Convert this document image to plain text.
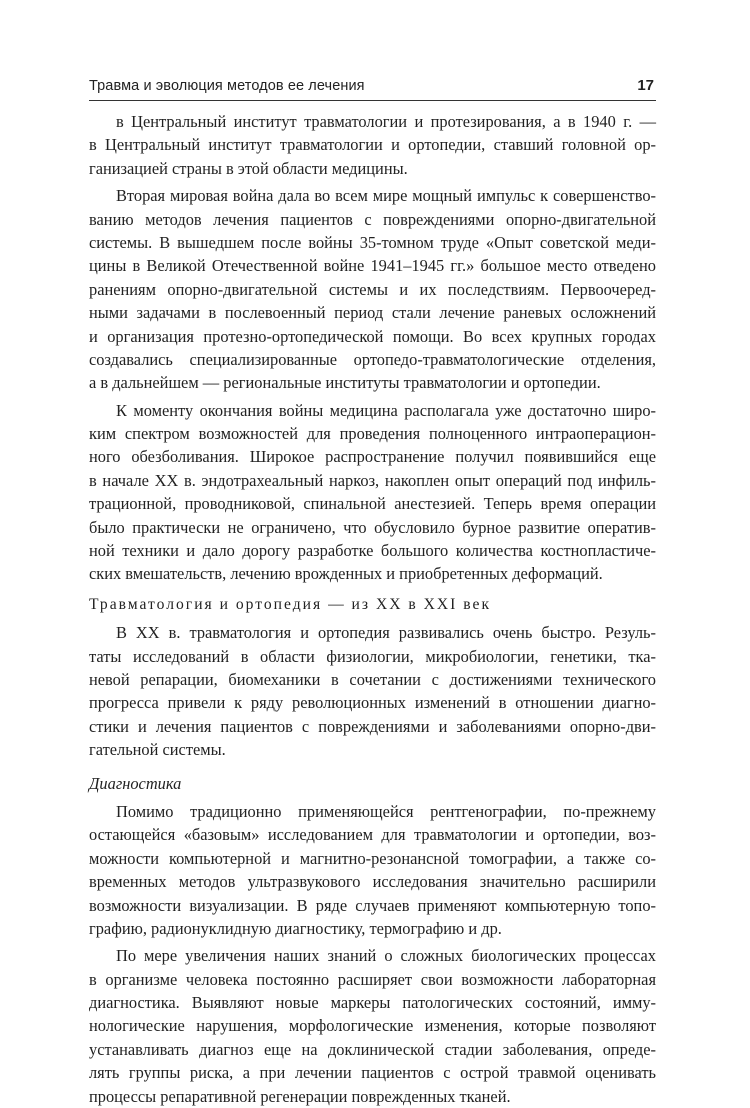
Травма и эволюция методов ее лечения	17
в Центральный институт травматологии и протезирования, а в 1940 г. —
в Центральный институт травматологии и ортопедии, ставший головной ор-
ганизацией страны в этой области медицины.
Вторая мировая война дала во всем мире мощный импульс к совершенство-
ванию методов лечения пациентов с повреждениями опорно-двигательной
системы. В вышедшем после войны 35-томном труде «Опыт советской меди-
цины в Великой Отечественной войне 1941–1945 гг.» большое место отведено
ранениям опорно-двигательной системы и их последствиям. Первоочеред-
ными задачами в послевоенный период стали лечение раневых осложнений
и организация протезно-ортопедической помощи. Во всех крупных городах
создавались специализированные ортопедо-травматологические отделения,
а в дальнейшем — региональные институты травматологии и ортопедии.
К моменту окончания войны медицина располагала уже достаточно широ-
ким спектром возможностей для проведения полноценного интраоперацион-
ного обезболивания. Широкое распространение получил появившийся еще
в начале XX в. эндотрахеальный наркоз, накоплен опыт операций под инфиль-
трационной, проводниковой, спинальной анестезией. Теперь время операции
было практически не ограничено, что обусловило бурное развитие оператив-
ной техники и дало дорогу разработке большого количества костнопластиче-
ских вмешательств, лечению врожденных и приобретенных деформаций.
Травматология и ортопедия — из XX в XXI век
В XX в. травматология и ортопедия развивались очень быстро. Резуль-
таты исследований в области физиологии, микробиологии, генетики, тка-
невой репарации, биомеханики в сочетании с достижениями технического
прогресса привели к ряду революционных изменений в отношении диагно-
стики и лечения пациентов с повреждениями и заболеваниями опорно-дви-
гательной системы.
Диагностика
Помимо традиционно применяющейся рентгенографии, по-прежнему
остающейся «базовым» исследованием для травматологии и ортопедии, воз-
можности компьютерной и магнитно-резонансной томографии, а также со-
временных методов ультразвукового исследования значительно расширили
возможности визуализации. В ряде случаев применяют компьютерную топо-
графию, радионуклидную диагностику, термографию и др.
По мере увеличения наших знаний о сложных биологических процессах
в организме человека постоянно расширяет свои возможности лабораторная
диагностика. Выявляют новые маркеры патологических состояний, имму-
нологические нарушения, морфологические изменения, которые позволяют
устанавливать диагноз еще на доклинической стадии заболевания, опреде-
лять группы риска, а при лечении пациентов с острой травмой оценивать
процессы репаративной регенерации поврежденных тканей.
